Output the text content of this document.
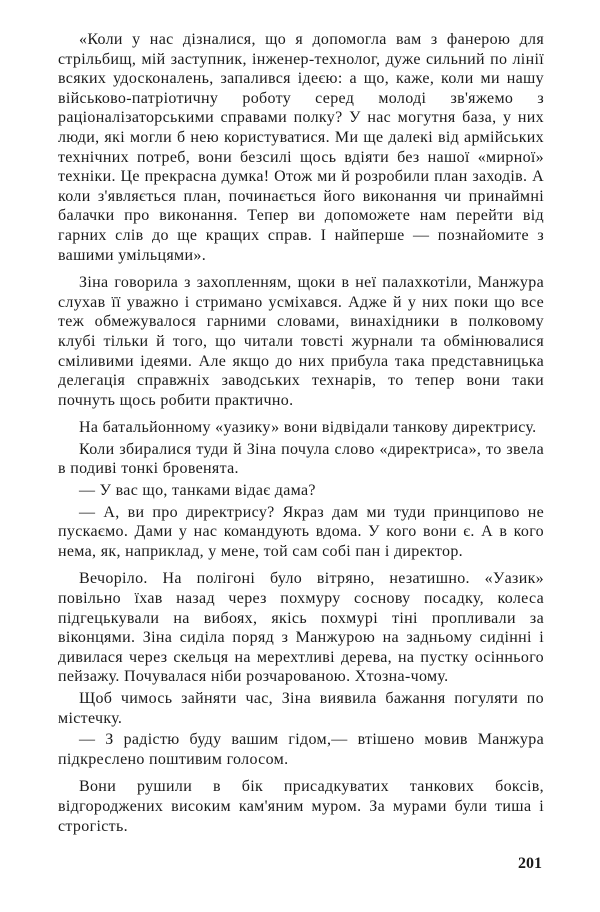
«Коли у нас дізналися, що я допомогла вам з фанерою для стрільбищ, мій заступник, інженер-технолог, дуже сильний по лінії всяких удосконалень, запалився ідеєю: а що, каже, коли ми нашу військово-патріотичну роботу серед молоді зв'яжемо з раціоналізаторськими справами полку? У нас могутня база, у них люди, які могли б нею користуватися. Ми ще далекі від армійських технічних потреб, вони безсилі щось вдіяти без нашої «мирної» техніки. Це прекрасна думка! Отож ми й розробили план заходів. А коли з'являється план, починається його виконання чи принаймні балачки про виконання. Тепер ви допоможете нам перейти від гарних слів до ще кращих справ. І найперше — познайомите з вашими умільцями».

Зіна говорила з захопленням, щоки в неї палахкотіли, Манжура слухав її уважно і стримано усміхався. Адже й у них поки що все теж обмежувалося гарними словами, винахідники в полковому клубі тільки й того, що читали товсті журнали та обмінювалися сміливими ідеями. Але якщо до них прибула така представницька делегація справжніх заводських технарів, то тепер вони таки почнуть щось робити практично.

На батальйонному «уазику» вони відвідали танкову директрису.

Коли збиралися туди й Зіна почула слово «директриса», то звела в подиві тонкі бровенята.

— У вас що, танками відає дама?

— А, ви про директрису? Якраз дам ми туди принципово не пускаємо. Дами у нас командують вдома. У кого вони є. А в кого нема, як, наприклад, у мене, той сам собі пан і директор.

Вечоріло. На полігоні було вітряно, незатишно. «Уазик» повільно їхав назад через похмуру соснову посадку, колеса підгецькували на вибоях, якісь похмурі тіні пропливали за віконцями. Зіна сиділа поряд з Манжурою на задньому сидінні і дивилася через скельця на мерехтливі дерева, на пустку осіннього пейзажу. Почувалася ніби розчарованою. Хтозна-чому.

Щоб чимось зайняти час, Зіна виявила бажання погуляти по містечку.

— З радістю буду вашим гідом,— втішено мовив Манжура підкреслено поштивим голосом.

Вони рушили в бік присадкуватих танкових боксів, відгороджених високим кам'яним муром. За мурами були тиша і строгість.

201
